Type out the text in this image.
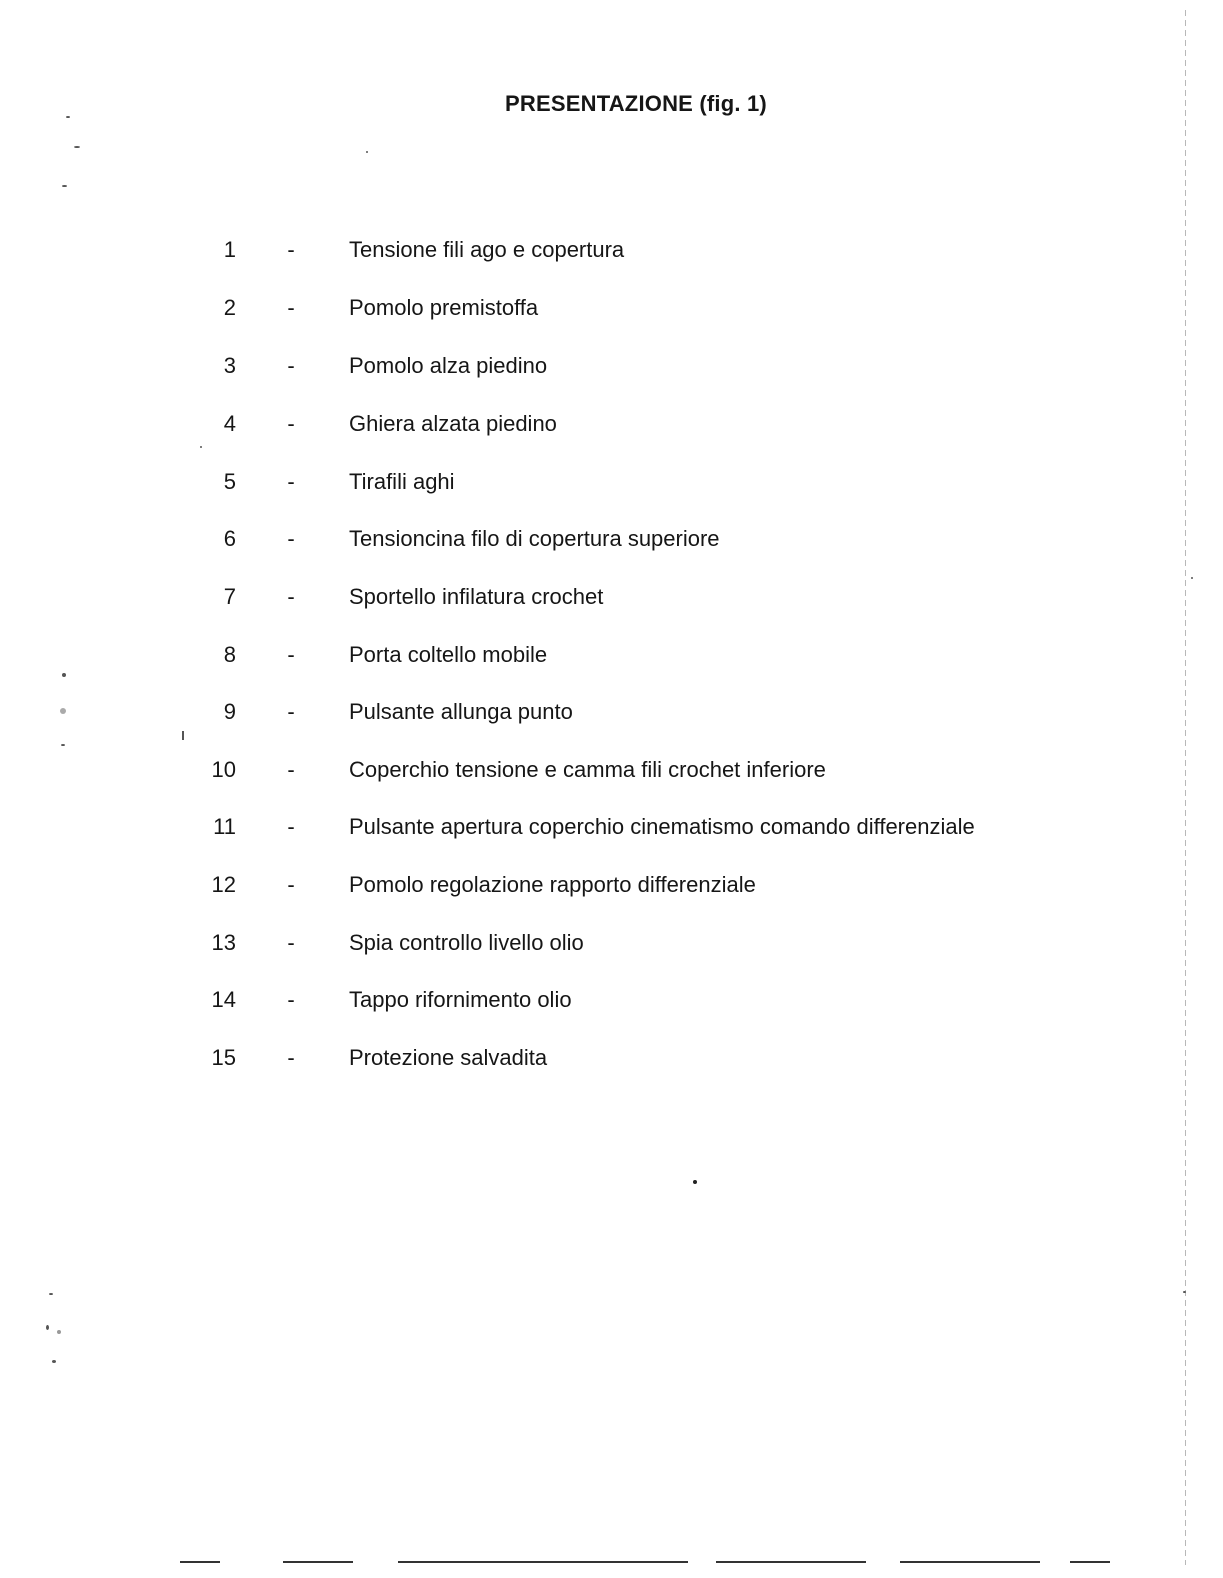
PRESENTAZIONE (fig. 1)
1 - Tensione fili ago e copertura
2 - Pomolo premistoffa
3 - Pomolo alza piedino
4 - Ghiera alzata piedino
5 - Tirafili aghi
6 - Tensioncina filo di copertura superiore
7 - Sportello infilatura crochet
8 - Porta coltello mobile
9 - Pulsante allunga punto
10 - Coperchio tensione e camma fili crochet inferiore
11 - Pulsante apertura coperchio cinematismo comando differenziale
12 - Pomolo regolazione rapporto differenziale
13 - Spia controllo livello olio
14 - Tappo rifornimento olio
15 - Protezione salvadita
